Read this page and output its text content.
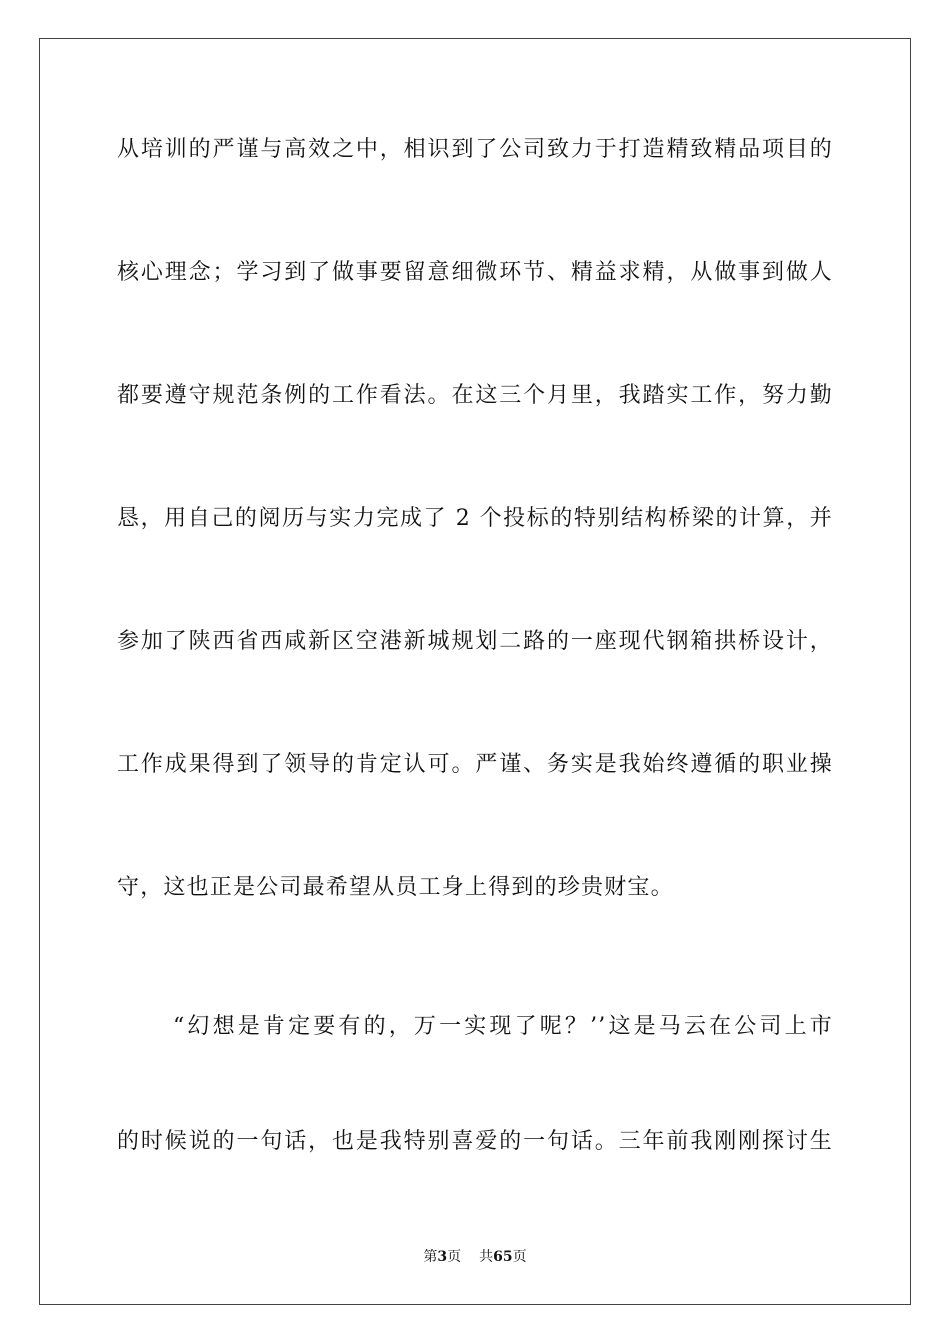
从培训的严谨与高效之中，相识到了公司致力于打造精致精品项目的
核心理念；学习到了做事要留意细微环节、精益求精，从做事到做人
都要遵守规范条例的工作看法。在这三个月里，我踏实工作，努力勤
恳，用自己的阅历与实力完成了 2 个投标的特别结构桥梁的计算，并
参加了陕西省西咸新区空港新城规划二路的一座现代钢箱拱桥设计，
工作成果得到了领导的肯定认可。严谨、务实是我始终遵循的职业操
守，这也正是公司最希望从员工身上得到的珍贵财宝。
“幻想是肯定要有的，万一实现了呢？’’这是马云在公司上市
的时候说的一句话，也是我特别喜爱的一句话。三年前我刚刚探讨生
第3页 共65页
